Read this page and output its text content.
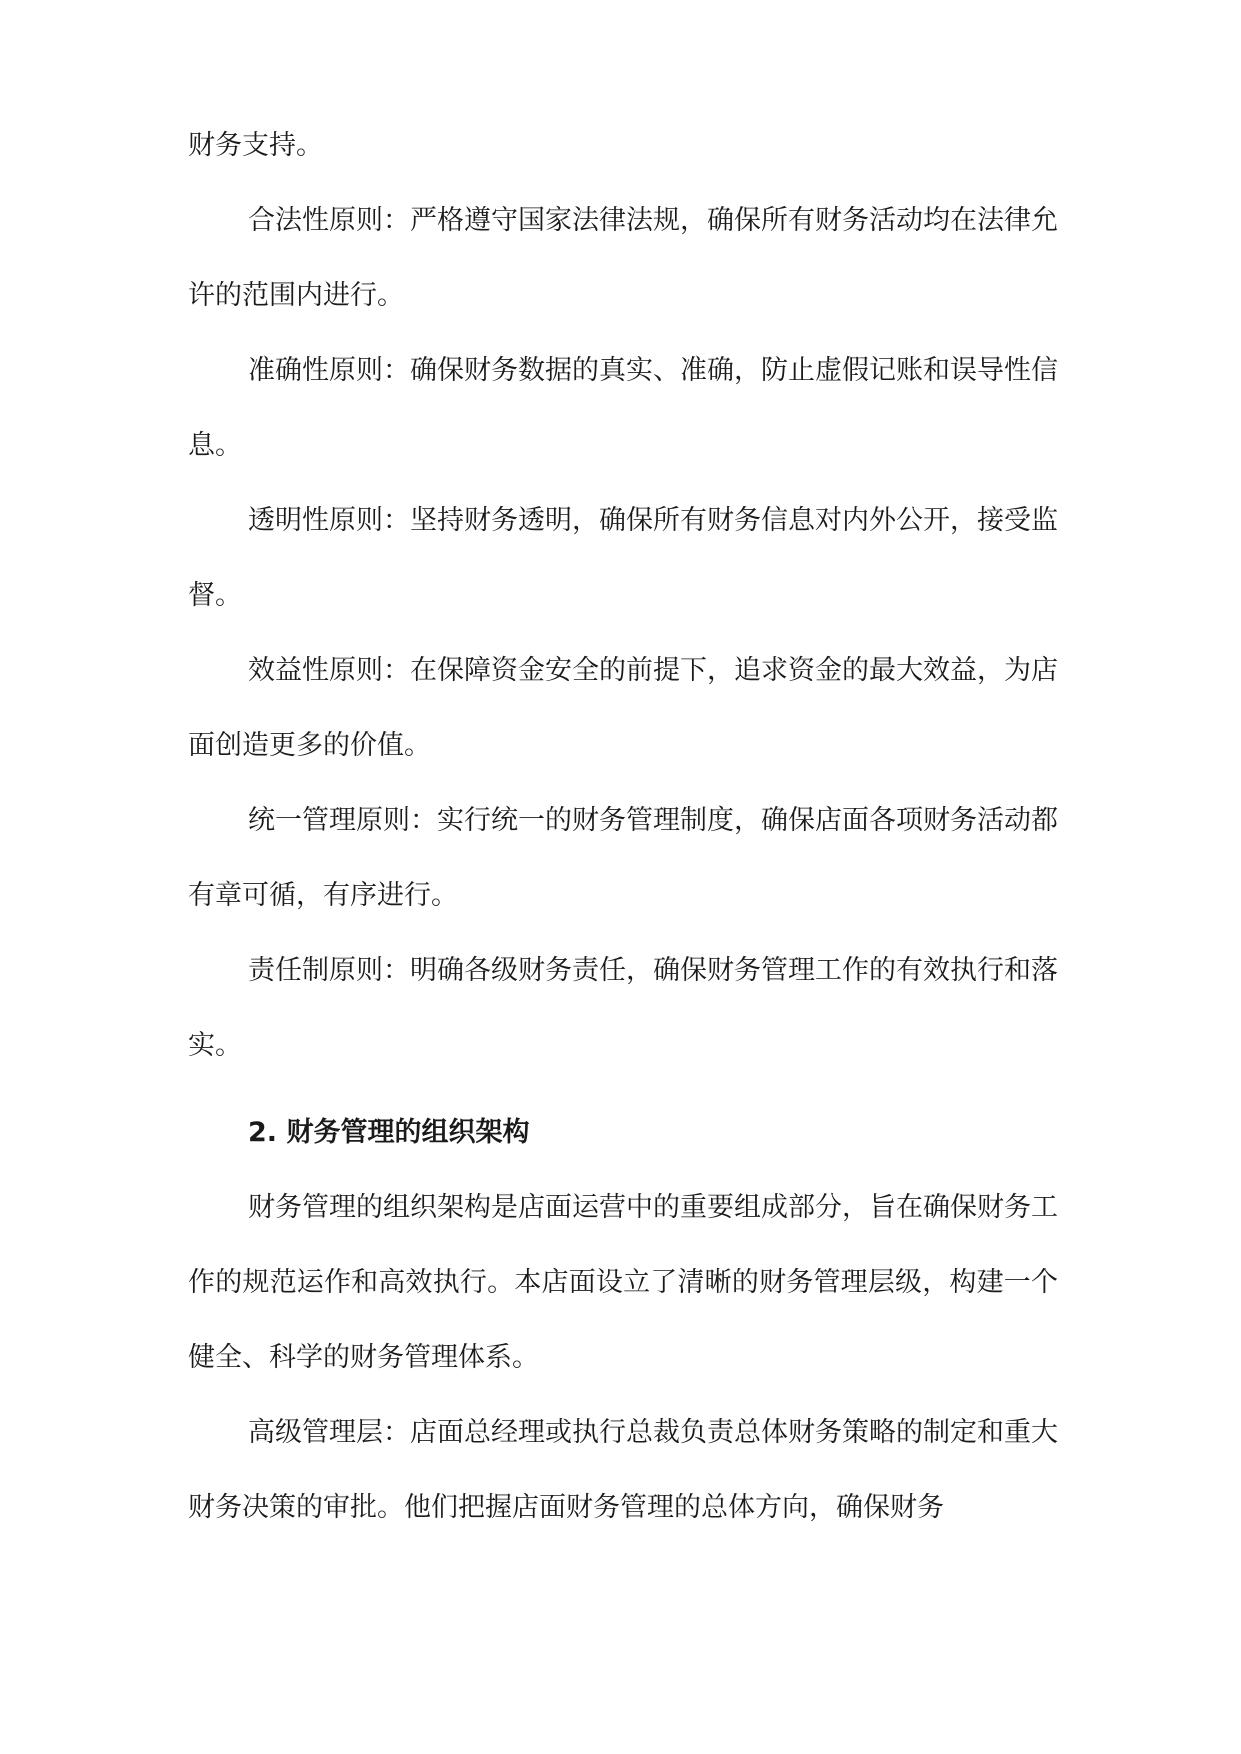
财务支持。

合法性原则：严格遵守国家法律法规，确保所有财务活动均在法律允许的范围内进行。

准确性原则：确保财务数据的真实、准确，防止虚假记账和误导性信息。

透明性原则：坚持财务透明，确保所有财务信息对内外公开，接受监督。

效益性原则：在保障资金安全的前提下，追求资金的最大效益，为店面创造更多的价值。

统一管理原则：实行统一的财务管理制度，确保店面各项财务活动都有章可循，有序进行。

责任制原则：明确各级财务责任，确保财务管理工作的有效执行和落实。

2. 财务管理的组织架构

财务管理的组织架构是店面运营中的重要组成部分，旨在确保财务工作的规范运作和高效执行。本店面设立了清晰的财务管理层级，构建一个健全、科学的财务管理体系。

高级管理层：店面总经理或执行总裁负责总体财务策略的制定和重大财务决策的审批。他们把握店面财务管理的总体方向，确保财务
